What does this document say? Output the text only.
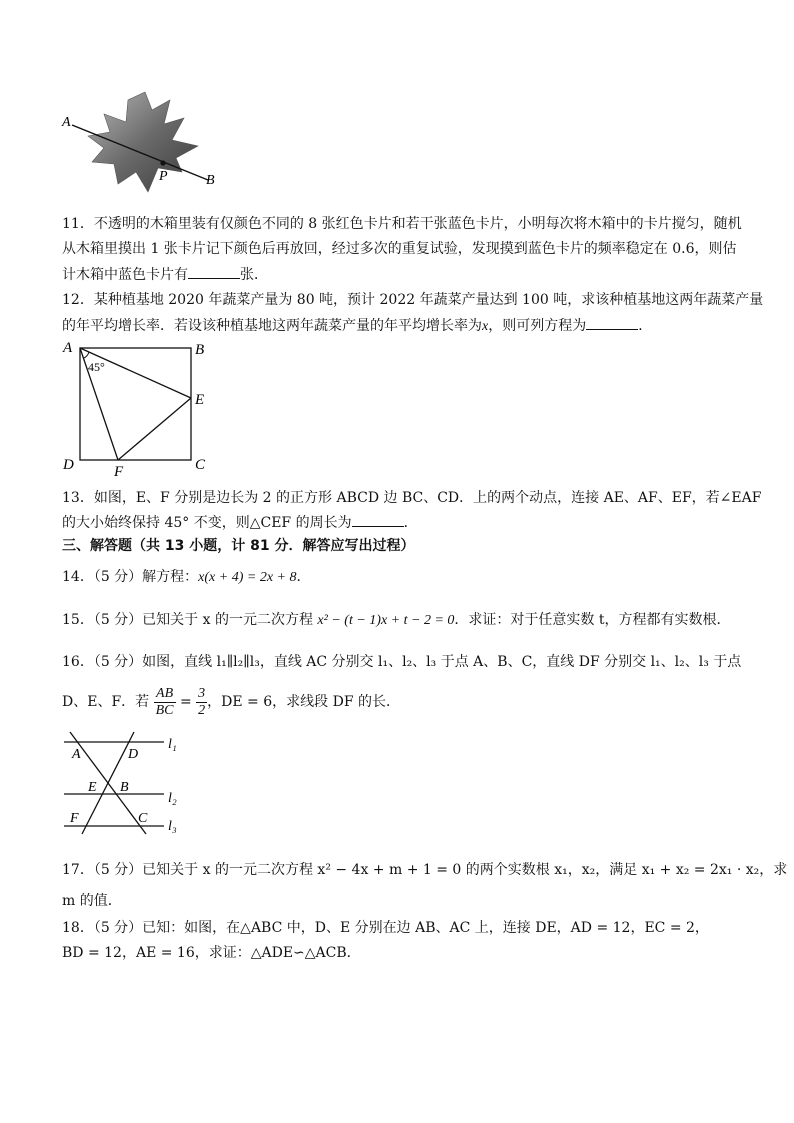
A
P	B
11．不透明的木箱里装有仅颜色不同的 8 张红色卡片和若干张蓝色卡片，小明每次将木箱中的卡片搅匀，随机
从木箱里摸出 1 张卡片记下颜色后再放回，经过多次的重复试验，发现摸到蓝色卡片的频率稳定在 0.6，则估
计木箱中蓝色卡片有	张．
12．某种植基地 2020 年蔬菜产量为 80 吨，预计 2022 年蔬菜产量达到 100 吨，求该种植基地这两年蔬菜产量
的年平均增长率．若设该种植基地这两年蔬菜产量的年平均增长率为x，则可列方程为	．
A	B
E
D	F	C
45°
13．如图，E、F 分别是边长为 2 的正方形 ABCD 边 BC、CD．上的两个动点，连接 AE、AF、EF，若∠EAF
的大小始终保持 45° 不变，则△CEF 的周长为	．
三、解答题（共 13 小题，计 81 分．解答应写出过程）
14．（5 分）解方程：x(x + 4) = 2x + 8．
15．（5 分）已知关于 x 的一元二次方程 x² − (t − 1)x + t − 2 = 0．求证：对于任意实数 t，方程都有实数根．
16．（5 分）如图，直线 l₁∥l₂∥l₃，直线 AC 分别交 l₁、l₂、l₃ 于点 A、B、C，直线 DF 分别交 l₁、l₂、l₃ 于点
D、E、F．若 $\frac{AB}{BC} = \frac{3}{2}$ ，DE = 6，求线段 DF 的长．
A	D
E B
F	C
l₁
l₂
l₃
17．（5 分）已知关于 x 的一元二次方程 x² − 4x + m + 1 = 0 的两个实数根 x₁，x₂，满足 x₁ + x₂ = 2x₁ · x₂，求
m 的值．
18．（5 分）已知：如图，在△ABC 中，D、E 分别在边 AB、AC 上，连接 DE，AD = 12，EC = 2，
BD = 12，AE = 16，求证：△ADE∽△ACB．
